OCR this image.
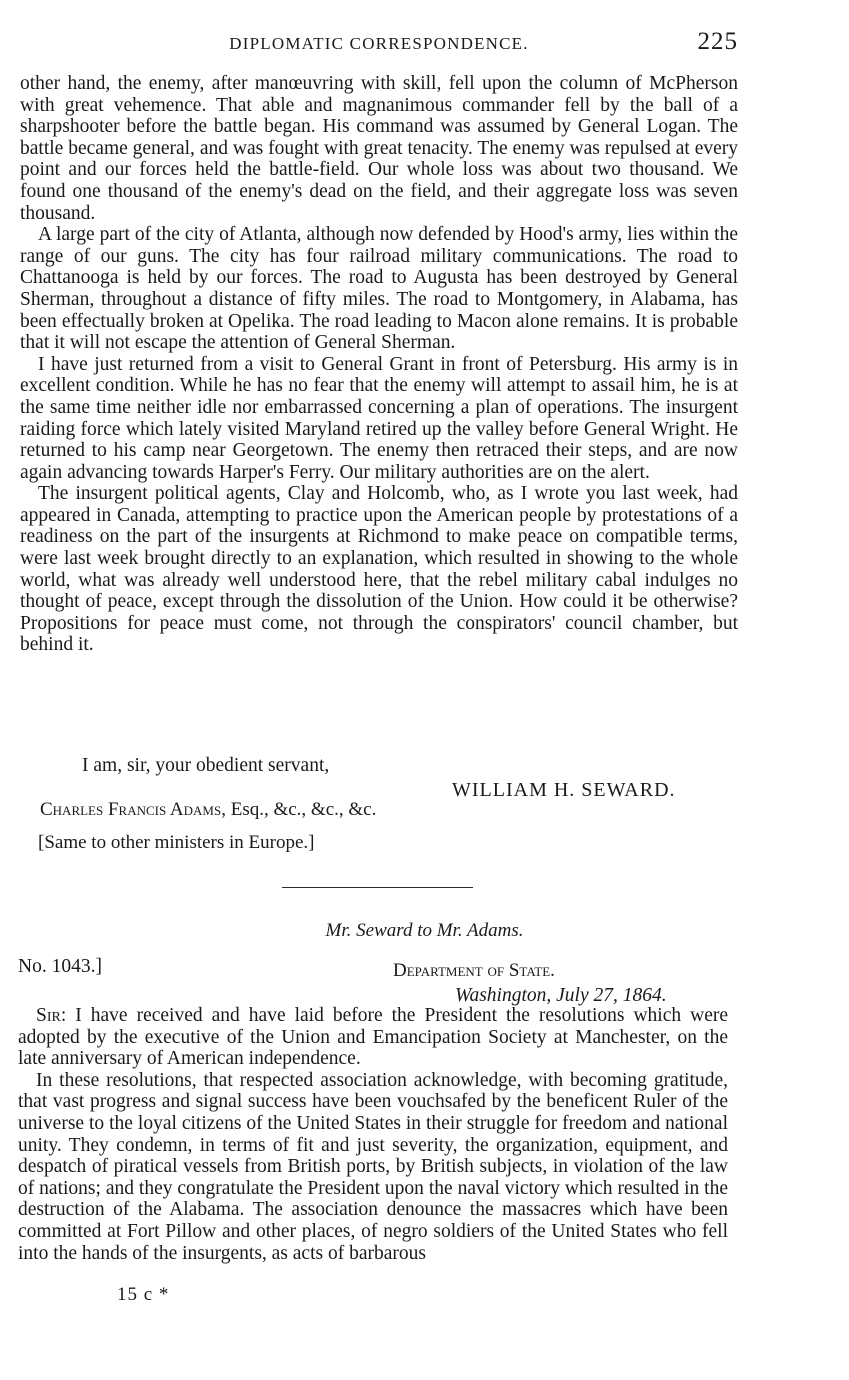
DIPLOMATIC CORRESPONDENCE.	225

other hand, the enemy, after manœuvring with skill, fell upon the column of McPherson with great vehemence. That able and magnanimous commander fell by the ball of a sharpshooter before the battle began. His command was assumed by General Logan. The battle became general, and was fought with great tenacity. The enemy was repulsed at every point and our forces held the battle-field. Our whole loss was about two thousand. We found one thousand of the enemy's dead on the field, and their aggregate loss was seven thousand.

A large part of the city of Atlanta, although now defended by Hood's army, lies within the range of our guns. The city has four railroad military communications. The road to Chattanooga is held by our forces. The road to Augusta has been destroyed by General Sherman, throughout a distance of fifty miles. The road to Montgomery, in Alabama, has been effectually broken at Opelika. The road leading to Macon alone remains. It is probable that it will not escape the attention of General Sherman.

I have just returned from a visit to General Grant in front of Petersburg. His army is in excellent condition. While he has no fear that the enemy will attempt to assail him, he is at the same time neither idle nor embarrassed concerning a plan of operations. The insurgent raiding force which lately visited Maryland retired up the valley before General Wright. He returned to his camp near Georgetown. The enemy then retraced their steps, and are now again advancing towards Harper's Ferry. Our military authorities are on the alert.

The insurgent political agents, Clay and Holcomb, who, as I wrote you last week, had appeared in Canada, attempting to practice upon the American people by protestations of a readiness on the part of the insurgents at Richmond to make peace on compatible terms, were last week brought directly to an explanation, which resulted in showing to the whole world, what was already well understood here, that the rebel military cabal indulges no thought of peace, except through the dissolution of the Union. How could it be otherwise? Propositions for peace must come, not through the conspirators' council chamber, but behind it.

I am, sir, your obedient servant,
WILLIAM H. SEWARD.
Charles Francis Adams, Esq., &c., &c., &c.
[Same to other ministers in Europe.]
Mr. Seward to Mr. Adams.
No. 1043.]	Department of State.
Washington, July 27, 1864.

Sir: I have received and have laid before the President the resolutions which were adopted by the executive of the Union and Emancipation Society at Manchester, on the late anniversary of American independence.

In these resolutions, that respected association acknowledge, with becoming gratitude, that vast progress and signal success have been vouchsafed by the beneficent Ruler of the universe to the loyal citizens of the United States in their struggle for freedom and national unity. They condemn, in terms of fit and just severity, the organization, equipment, and despatch of piratical vessels from British ports, by British subjects, in violation of the law of nations; and they congratulate the President upon the naval victory which resulted in the destruction of the Alabama. The association denounce the massacres which have been committed at Fort Pillow and other places, of negro soldiers of the United States who fell into the hands of the insurgents, as acts of barbarous

15 c *
